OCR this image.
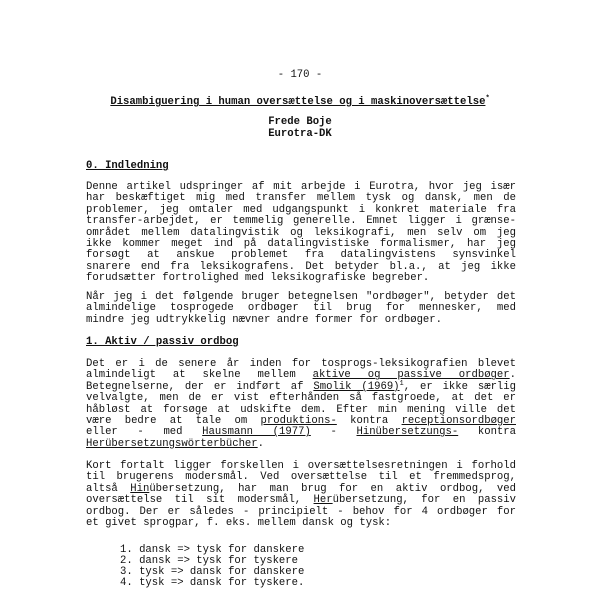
- 170 -
Disambiguering i human oversættelse og i maskinoversættelse*
Frede Boje
Eurotra-DK
0. Indledning
Denne artikel udspringer af mit arbejde i Eurotra, hvor jeg især
har beskæftiget mig med transfer mellem tysk og dansk, men de
problemer, jeg omtaler med udgangspunkt i konkret materiale fra
transfer-arbejdet, er temmelig generelle. Emnet ligger i grænse-
området mellem datalingvistik og leksikografi, men selv om jeg
ikke kommer meget ind på datalingvistiske formalismer, har jeg
forsøgt at anskue problemet fra datalingvistens synsvinkel
snarere end fra leksikografens. Det betyder bl.a., at jeg ikke
forudsætter fortrolighed med leksikografiske begreber.
Når jeg i det følgende bruger betegnelsen "ordbøger", betyder det
almindelige tosprogede ordbøger til brug for mennesker, med
mindre jeg udtrykkelig nævner andre former for ordbøger.
1. Aktiv / passiv ordbog
Det er i de senere år inden for tosprogs-leksikografien blevet
almindeligt at skelne mellem aktive og passive ordbøger.
Betegnelserne, der er indført af Smolik $(1969)^1$, er ikke særlig
velvalgte, men de er vist efterhånden så fastgroede, at det er
håbløst at forsøge at udskifte dem. Efter min mening ville det
være bedre at tale om produktions- kontra receptionsordbøger
eller - med Hausmann (1977) - Hinübersetzungs- kontra
Herübersetzungswörterbücher.
Kort fortalt ligger forskellen i oversættelsesretningen i forhold
til brugerens modersmål. Ved oversættelse til et fremmedsprog,
altså Hinübersetzung, har man brug for en aktiv ordbog, ved
oversættelse til sit modersmål, Herübersetzung, for en passiv
ordbog. Der er således - principielt - behov for 4 ordbøger for
et givet sprogpar, f. eks. mellem dansk og tysk:
1. dansk => tysk for danskere
2. dansk => tysk for tyskere
3. tysk => dansk for danskere
4. tysk => dansk for tyskere.
